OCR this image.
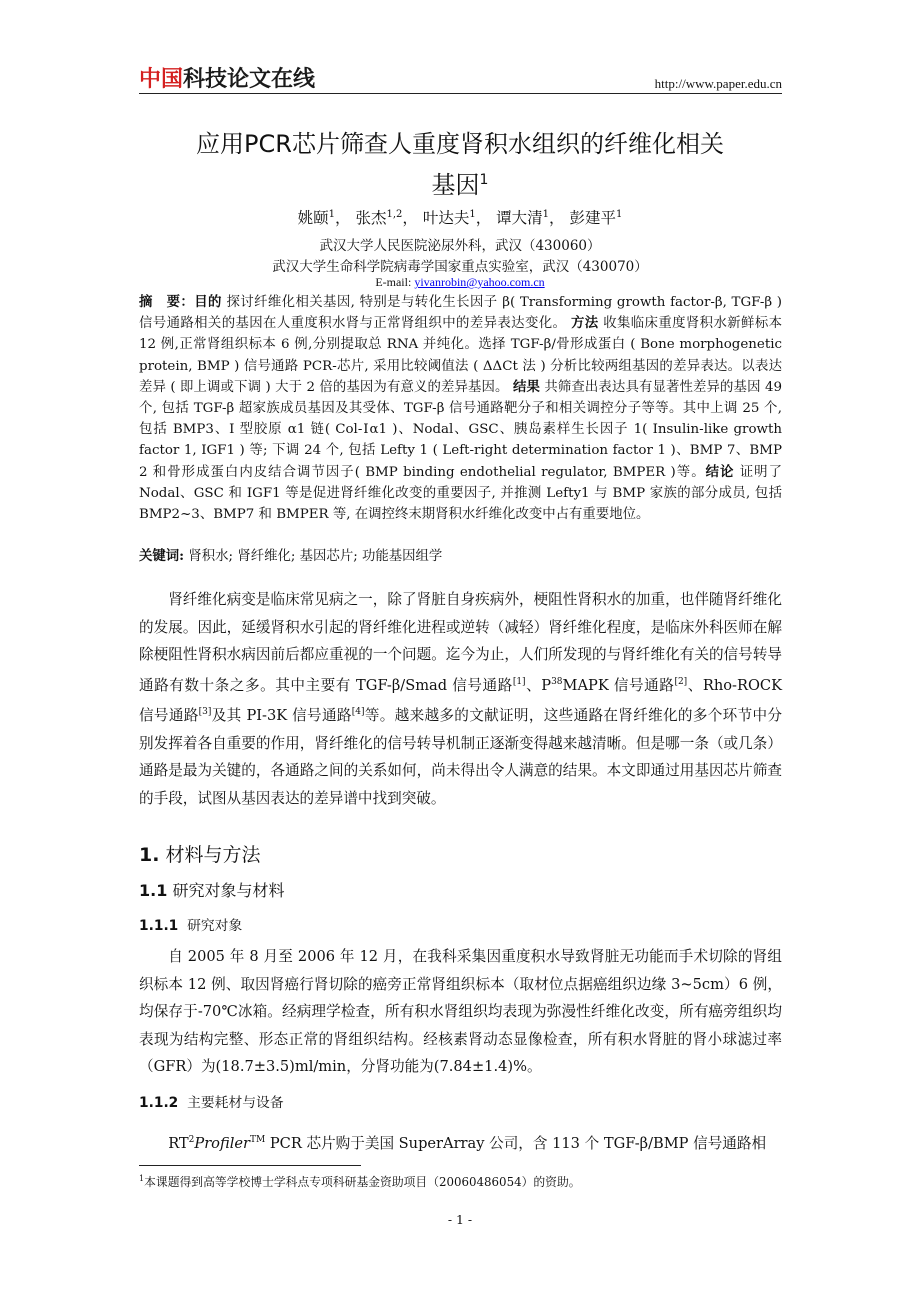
中国科技论文在线	http://www.paper.edu.cn
应用PCR芯片筛查人重度肾积水组织的纤维化相关
基因$^1$
姚颐$^1$， 张杰$^{1,2}$， 叶达夫$^1$， 谭大清$^1$， 彭建平$^1$
武汉大学人民医院泌尿外科，武汉（430060）
武汉大学生命科学院病毒学国家重点实验室，武汉（430070）
E-mail: yivanrobin@yahoo.com.cn
摘　要：目的 探讨纤维化相关基因, 特别是与转化生长因子 β( Transforming growth factor-β, TGF-β ) 信号通路相关的基因在人重度积水肾与正常肾组织中的差异表达变化。 方法 收集临床重度肾积水新鲜标本 12 例,正常肾组织标本 6 例,分别提取总 RNA 并纯化。选择 TGF-β/骨形成蛋白 ( Bone morphogenetic protein, BMP ) 信号通路 PCR-芯片, 采用比较阈值法 ( ΔΔCt 法 ) 分析比较两组基因的差异表达。以表达差异 ( 即上调或下调 ) 大于 2 倍的基因为有意义的差异基因。 结果 共筛查出表达具有显著性差异的基因 49 个, 包括 TGF-β 超家族成员基因及其受体、TGF-β 信号通路靶分子和相关调控分子等等。其中上调 25 个, 包括 BMP3、I 型胶原 α1 链( Col-Ⅰα1 )、Nodal、GSC、胰岛素样生长因子 1( Insulin-like growth factor 1, IGF1 ) 等; 下调 24 个, 包括 Lefty 1 ( Left-right determination factor 1 )、BMP 7、BMP 2 和骨形成蛋白内皮结合调节因子( BMP binding endothelial regulator, BMPER )等。结论 证明了 Nodal、GSC 和 IGF1 等是促进肾纤维化改变的重要因子, 并推测 Lefty1 与 BMP 家族的部分成员, 包括 BMP2~3、BMP7 和 BMPER 等, 在调控终末期肾积水纤维化改变中占有重要地位。
关键词: 肾积水; 肾纤维化; 基因芯片; 功能基因组学
肾纤维化病变是临床常见病之一，除了肾脏自身疾病外，梗阻性肾积水的加重，也伴随肾纤维化的发展。因此，延缓肾积水引起的肾纤维化进程或逆转（减轻）肾纤维化程度，是临床外科医师在解除梗阻性肾积水病因前后都应重视的一个问题。迄今为止，人们所发现的与肾纤维化有关的信号转导通路有数十条之多。其中主要有 TGF-β/Smad 信号通路[1]、$P^{38}MAPK$ 信号通路[2]、Rho-ROCK 信号通路[3]及其 PI-3K 信号通路[4]等。越来越多的文献证明，这些通路在肾纤维化的多个环节中分别发挥着各自重要的作用，肾纤维化的信号转导机制正逐渐变得越来越清晰。但是哪一条（或几条）通路是最为关键的，各通路之间的关系如何，尚未得出令人满意的结果。本文即通过用基因芯片筛查的手段，试图从基因表达的差异谱中找到突破。
1. 材料与方法
1.1 研究对象与材料
1.1.1 研究对象
自 2005 年 8 月至 2006 年 12 月，在我科采集因重度积水导致肾脏无功能而手术切除的肾组织标本 12 例、取因肾癌行肾切除的癌旁正常肾组织标本（取材位点据癌组织边缘 3~5cm）6 例，均保存于-70℃冰箱。经病理学检查，所有积水肾组织均表现为弥漫性纤维化改变，所有癌旁组织均表现为结构完整、形态正常的肾组织结构。经核素肾动态显像检查，所有积水肾脏的肾小球滤过率（GFR）为(18.7±3.5)ml/min，分肾功能为(7.84±1.4)%。
1.1.2 主要耗材与设备
$RT^2Profiler™$ PCR 芯片购于美国 SuperArray 公司，含 113 个 TGF-β/BMP 信号通路相
$^1$本课题得到高等学校博士学科点专项科研基金资助项目（20060486054）的资助。
- 1 -
